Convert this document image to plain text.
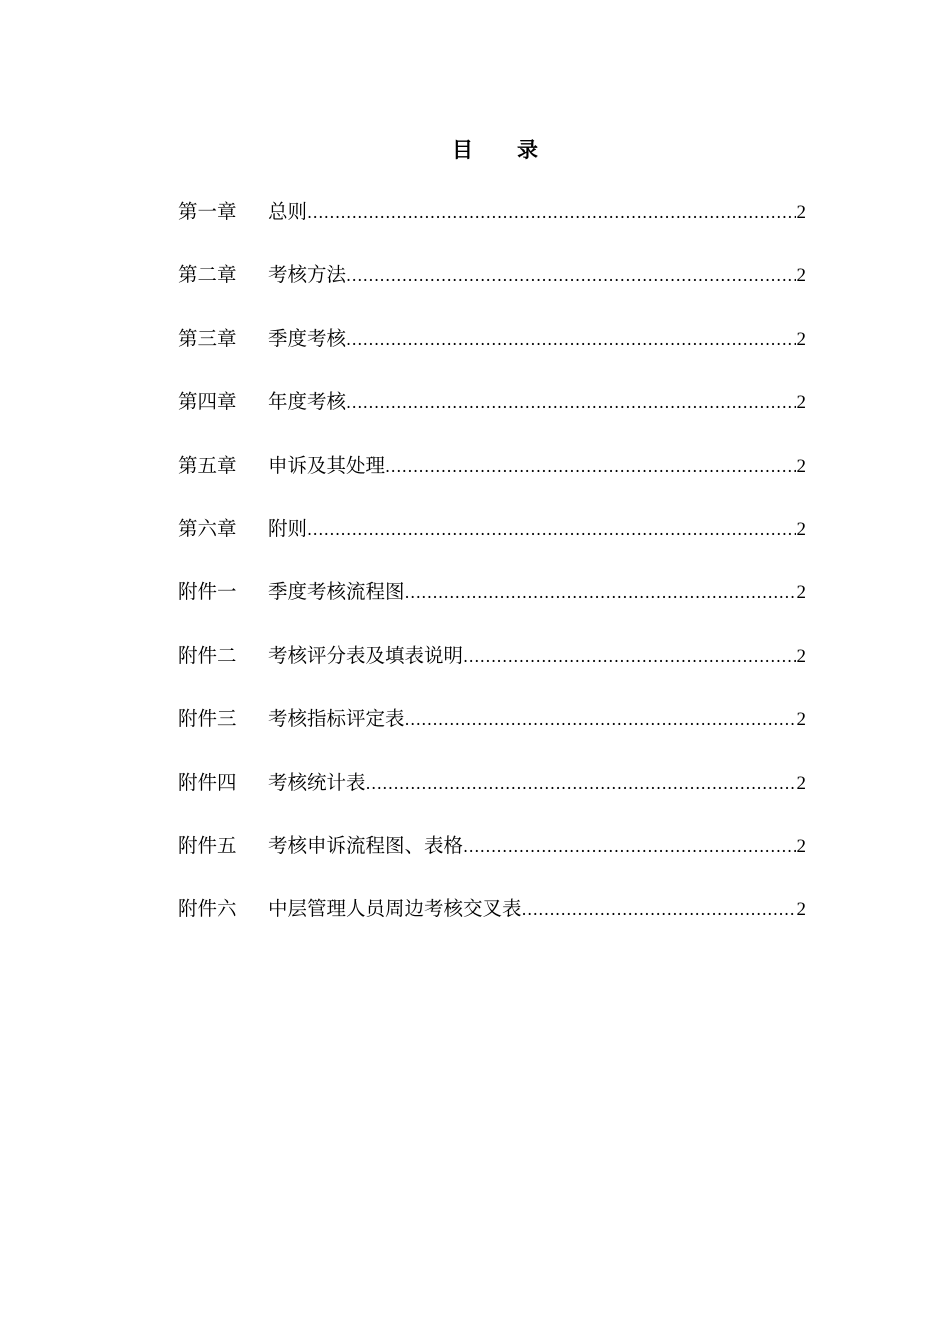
目 录
第一章	总则 .....	2
第二章	考核方法 .....	2
第三章	季度考核 .....	2
第四章	年度考核 .....	2
第五章	申诉及其处理 .....	2
第六章	附则 .....	2
附件一	季度考核流程图 .....	2
附件二	考核评分表及填表说明 .....	2
附件三	考核指标评定表 .....	2
附件四	考核统计表 .....	2
附件五	考核申诉流程图、表格 .....	2
附件六	中层管理人员周边考核交叉表 .....	2
